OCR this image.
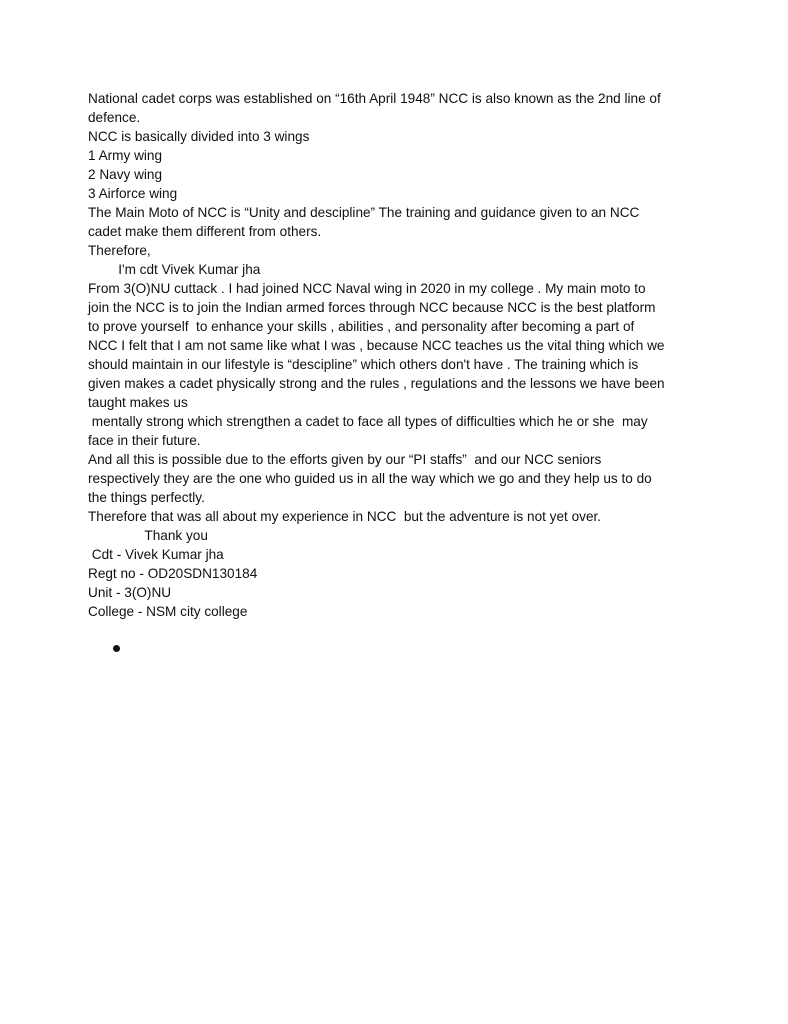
National cadet corps was established on “16th April 1948” NCC is also known as the 2nd line of
defence.
NCC is basically divided into 3 wings
1 Army wing
2 Navy wing
3 Airforce wing
The Main Moto of NCC is “Unity and descipline” The training and guidance given to an NCC
cadet make them different from others.
Therefore,
I'm cdt Vivek Kumar jha
From 3(O)NU cuttack . I had joined NCC Naval wing in 2020 in my college . My main moto to
join the NCC is to join the Indian armed forces through NCC because NCC is the best platform
to prove yourself  to enhance your skills , abilities , and personality after becoming a part of
NCC I felt that I am not same like what I was , because NCC teaches us the vital thing which we
should maintain in our lifestyle is “descipline” which others don't have . The training which is
given makes a cadet physically strong and the rules , regulations and the lessons we have been
taught makes us
mentally strong which strengthen a cadet to face all types of difficulties which he or she  may
face in their future.
And all this is possible due to the efforts given by our “PI staffs”  and our NCC seniors
respectively they are the one who guided us in all the way which we go and they help us to do
the things perfectly.
Therefore that was all about my experience in NCC  but the adventure is not yet over.
Thank you
Cdt - Vivek Kumar jha
Regt no - OD20SDN130184
Unit - 3(O)NU
College - NSM city college
